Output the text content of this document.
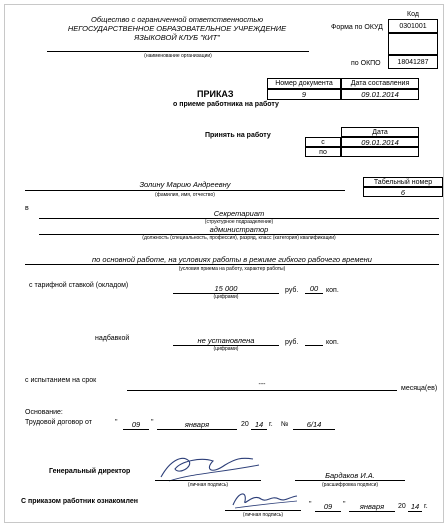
Общество с ограниченной ответственностью
НЕГОСУДАРСТВЕННОЕ ОБРАЗОВАТЕЛЬНОЕ УЧРЕЖДЕНИЕ
ЯЗЫКОВОЙ КЛУБ "КИТ"
(наименование организации)
Код
Форма по ОКУД	0301001
по ОКПО	18041287
Номер документа	Дата составления
9	09.01.2014
ПРИКАЗ
о приеме работника на работу
Принять на работу	Дата
с	09.01.2014
по
Золину Марию Андреевну
(фамилия, имя, отчество)
Табельный номер
6
в
Секретариат
(структурное подразделение)
администратор
(должность (специальность, профессия), разряд, класс (категория) квалификации)
по основной работе, на условиях работы в режиме гибкого рабочего времени
(условия приема на работу, характер работы)
с тарифной ставкой (окладом)	15 000
(цифрами)
руб.	00	коп.
надбавкой	не установлена
(цифрами)
руб.	коп.
с испытанием на срок
---
месяца(ев)
Основание:
Трудовой договор от	"	09	"	января	20 14 г. №	6/14
Генеральный директор
(личная подпись)
Бардаков И.А.
(расшифровка подписи)
С приказом работник ознакомлен
(личная подпись)
"	09	"	января	20 14 г.
